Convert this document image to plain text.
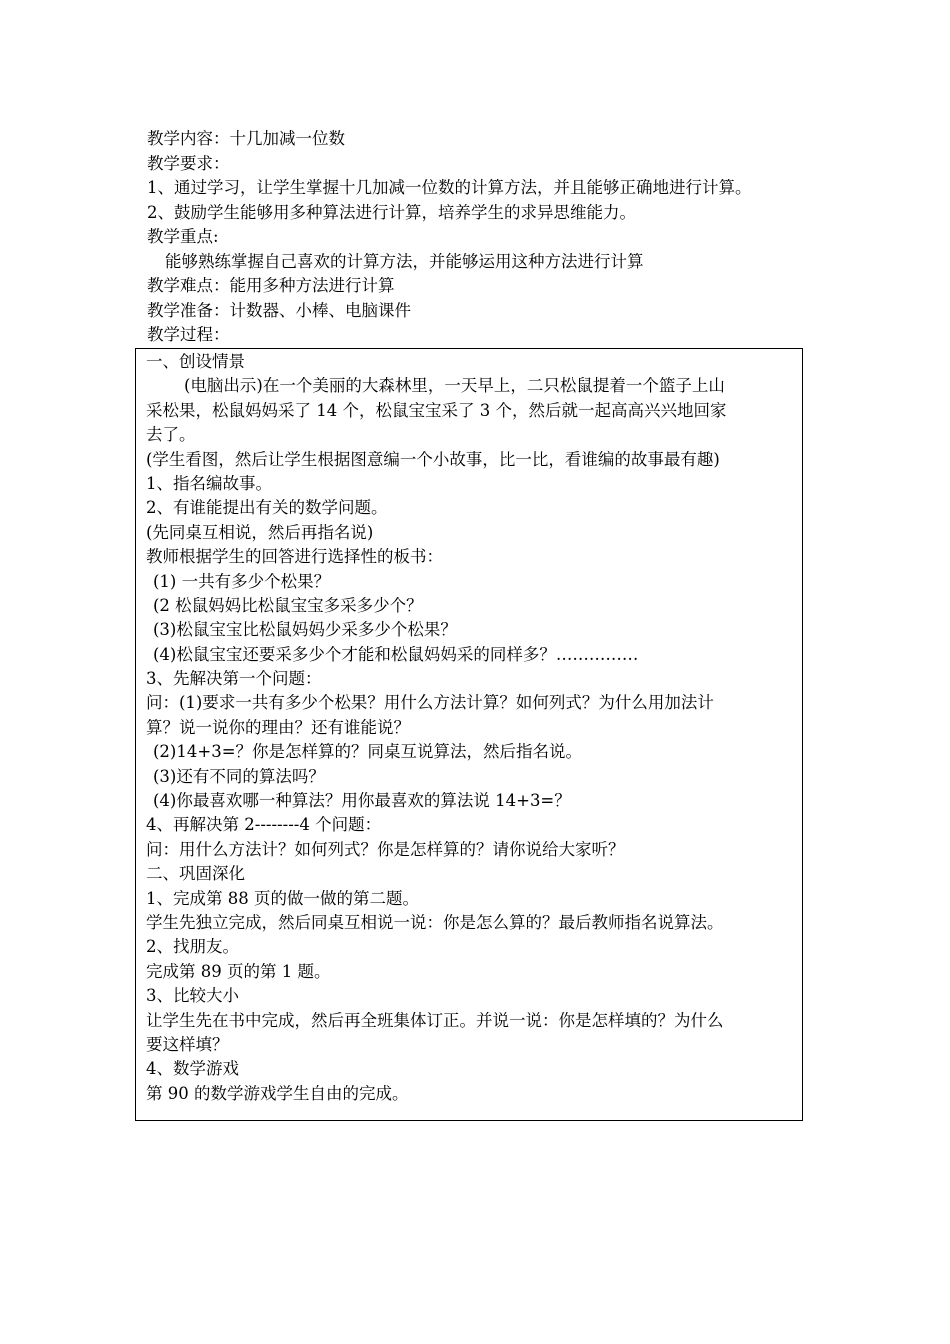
教学内容：十几加减一位数
教学要求：
1、通过学习，让学生掌握十几加减一位数的计算方法，并且能够正确地进行计算。
2、鼓励学生能够用多种算法进行计算，培养学生的求异思维能力。
教学重点:
能够熟练掌握自己喜欢的计算方法，并能够运用这种方法进行计算
教学难点：能用多种方法进行计算
教学准备：计数器、小棒、电脑课件
教学过程：
一、创设情景
(电脑出示)在一个美丽的大森林里，一天早上，二只松鼠提着一个篮子上山
采松果，松鼠妈妈采了 14 个，松鼠宝宝采了 3 个，然后就一起高高兴兴地回家
去了。
(学生看图，然后让学生根据图意编一个小故事，比一比，看谁编的故事最有趣)
1、指名编故事。
2、有谁能提出有关的数学问题。
(先同桌互相说，然后再指名说)
教师根据学生的回答进行选择性的板书：
(1) 一共有多少个松果？
(2 松鼠妈妈比松鼠宝宝多采多少个？
(3)松鼠宝宝比松鼠妈妈少采多少个松果？
(4)松鼠宝宝还要采多少个才能和松鼠妈妈采的同样多？……………
3、先解决第一个问题：
问：(1)要求一共有多少个松果？用什么方法计算？如何列式？为什么用加法计
算？说一说你的理由？还有谁能说？
(2)14+3=？你是怎样算的？同桌互说算法，然后指名说。
(3)还有不同的算法吗？
(4)你最喜欢哪一种算法？用你最喜欢的算法说 14+3=？
4、再解决第 2--------4 个问题：
问：用什么方法计？如何列式？你是怎样算的？请你说给大家听？
二、巩固深化
1、完成第 88 页的做一做的第二题。
学生先独立完成，然后同桌互相说一说：你是怎么算的？最后教师指名说算法。
2、找朋友。
完成第 89 页的第 1 题。
3、比较大小
让学生先在书中完成，然后再全班集体订正。并说一说：你是怎样填的？为什么
要这样填？
4、数学游戏
第 90 的数学游戏学生自由的完成。
